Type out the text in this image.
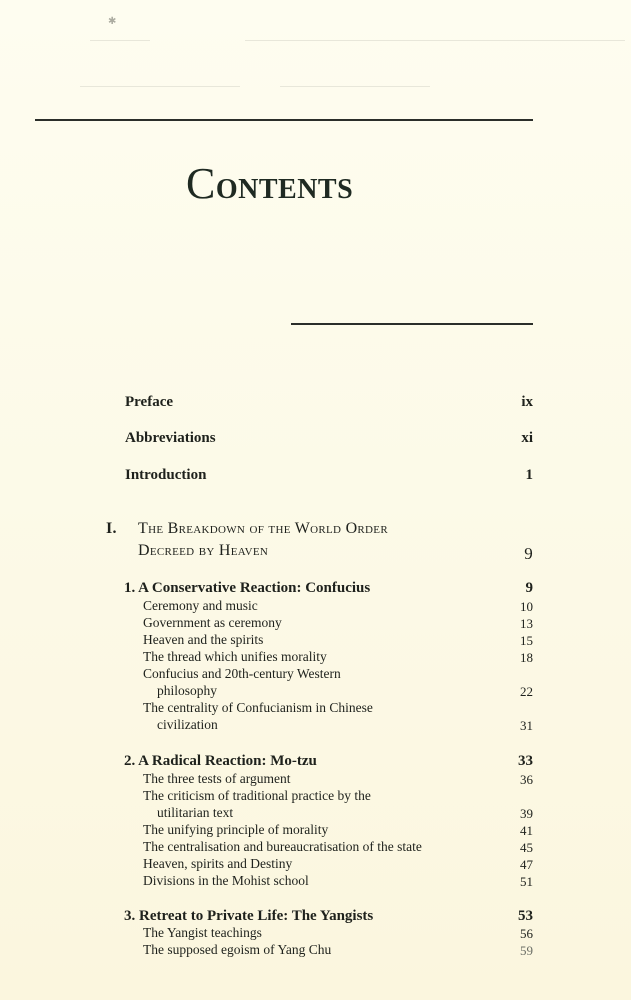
✱
CONTENTS
Preface	ix
Abbreviations	xi
Introduction	1
I. The Breakdown of the World Order
Decreed by Heaven	9
1. A Conservative Reaction: Confucius	9
Ceremony and music	10
Government as ceremony	13
Heaven and the spirits	15
The thread which unifies morality	18
Confucius and 20th-century Western
philosophy	22
The centrality of Confucianism in Chinese
civilization	31
2. A Radical Reaction: Mo-tzu	33
The three tests of argument	36
The criticism of traditional practice by the
utilitarian text	39
The unifying principle of morality	41
The centralisation and bureaucratisation of the state	45
Heaven, spirits and Destiny	47
Divisions in the Mohist school	51
3. Retreat to Private Life: The Yangists	53
The Yangist teachings	56
The supposed egoism of Yang Chu	59
